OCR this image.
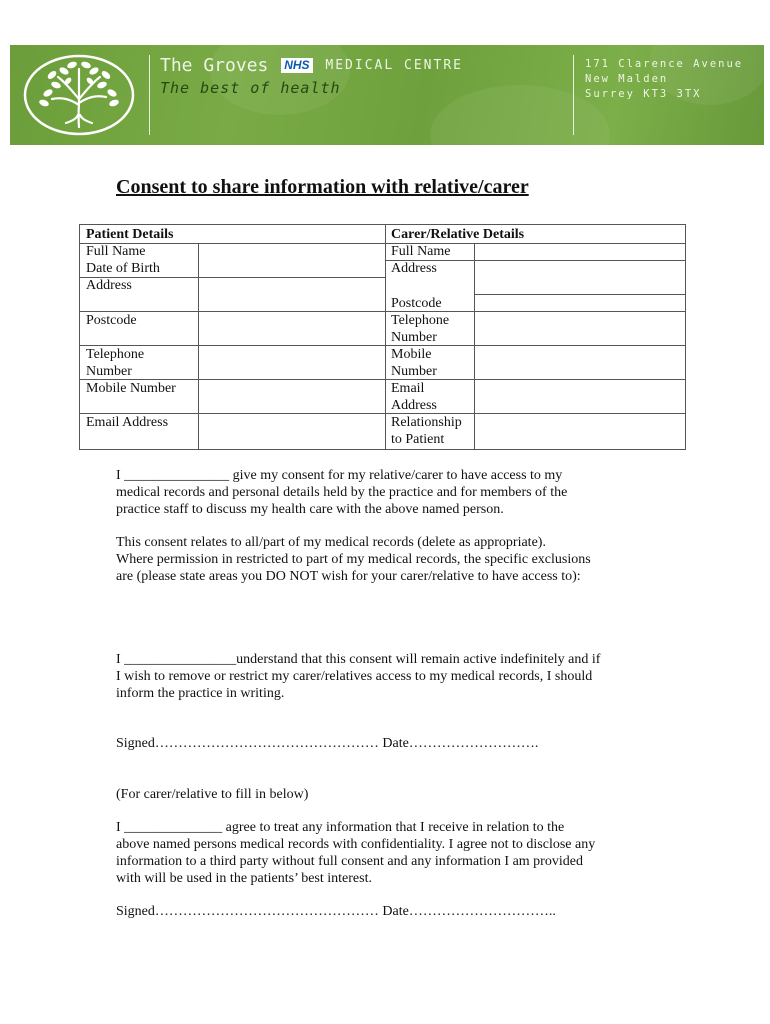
The Groves NHS MEDICAL CENTRE
The best of health
171 Clarence Avenue
New Malden
Surrey KT3 3TX
Consent to share information with relative/carer
Patient Details
Full Name
Date of Birth
Address
Postcode
Telephone
Number
Mobile Number
Email Address
Carer/Relative Details
Full Name
Address
Postcode
Telephone
Number
Mobile
Number
Email
Address
Relationship
to Patient
I _______________ give my consent for my relative/carer to have access to my
medical records and personal details held by the practice and for members of the
practice staff to discuss my health care with the above named person.
This consent relates to all/part of my medical records (delete as appropriate).
Where permission in restricted to part of my medical records, the specific exclusions
are (please state areas you DO NOT wish for your carer/relative to have access to):
I ________________understand that this consent will remain active indefinitely and if
I wish to remove or restrict my carer/relatives access to my medical records, I should
inform the practice in writing.
Signed………………………………………… Date……………………….
(For carer/relative to fill in below)
I ______________ agree to treat any information that I receive in relation to the
above named persons medical records with confidentiality. I agree not to disclose any
information to a third party without full consent and any information I am provided
with will be used in the patients’ best interest.
Signed………………………………………… Date…………………………..
